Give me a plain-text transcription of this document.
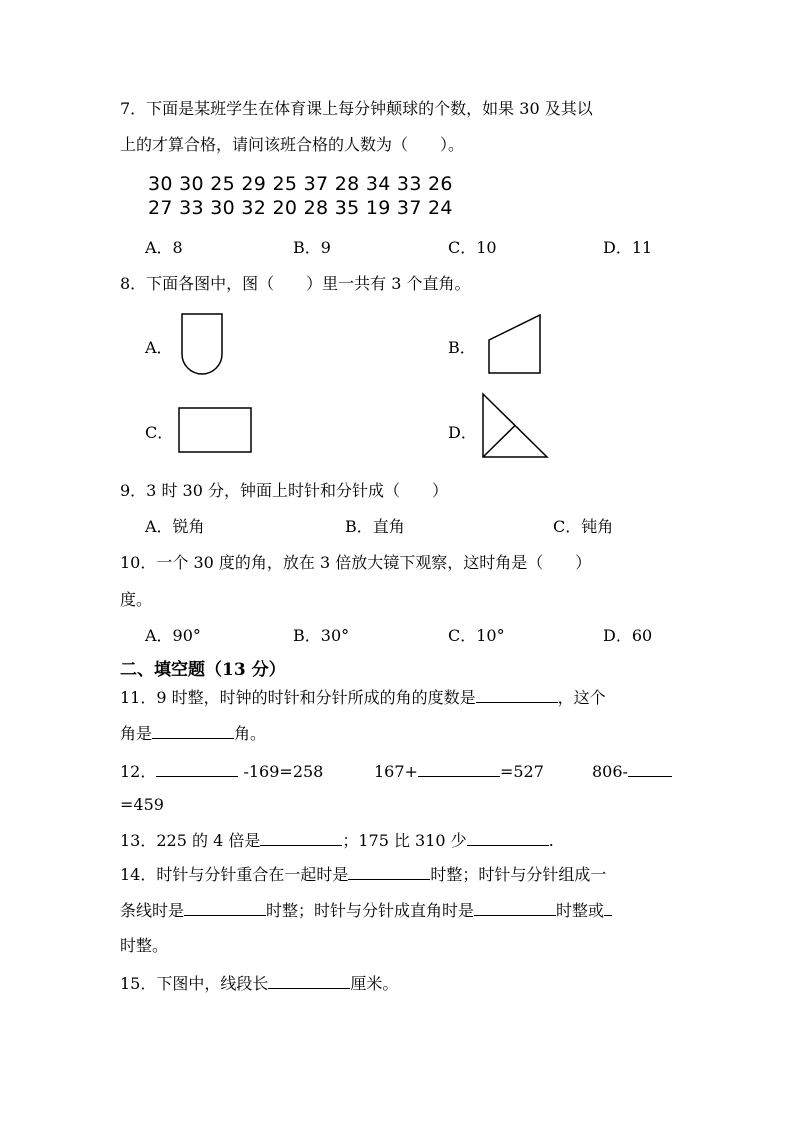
7．下面是某班学生在体育课上每分钟颠球的个数，如果 30 及其以
上的才算合格，请问该班合格的人数为（　　）。
30 30 25 29 25 37 28 34 33 26
27 33 30 32 20 28 35 19 37 24
A．8	B．9	C．10	D．11
8．下面各图中，图（　　）里一共有 3 个直角。
A．	B．
C．	D．
9．3 时 30 分，钟面上时针和分针成（　　）
A．锐角	B．直角	C．钝角
10．一个 30 度的角，放在 3 倍放大镜下观察，这时角是（　　）
度。
A．90°	B．30°	C．10°	D．60
二、填空题（13 分）
11．9 时整，时钟的时针和分针所成的角的度数是	，这个
角是	角。
12．	-169=258	167+	=527	806-
=459
13．225 的 4 倍是	；175 比 310 少	.
14．时针与分针重合在一起时是	时整；时针与分针组成一
条线时是	时整；时针与分针成直角时是	时整或
时整。
15．下图中，线段长	厘米。
